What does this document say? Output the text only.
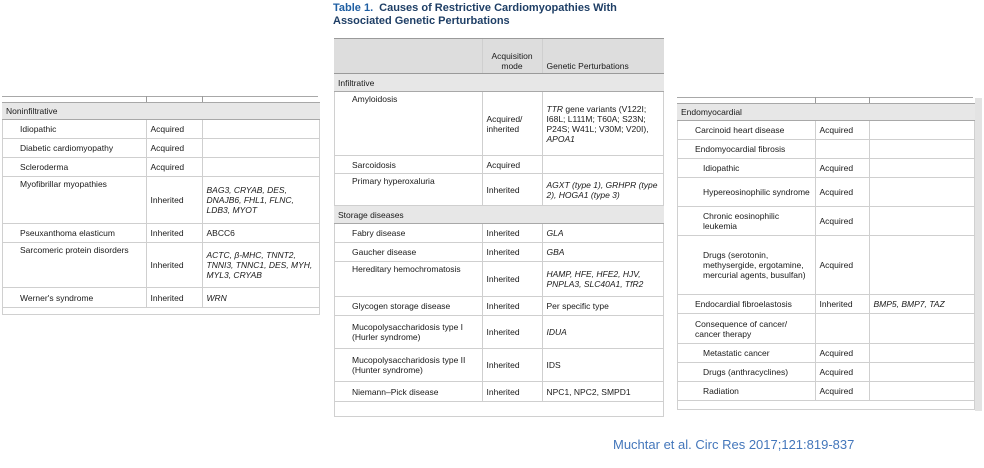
Table 1. Causes of Restrictive Cardiomyopathies With Associated Genetic Perturbations
Noninfiltrative		
Idiopathic	Acquired	
Diabetic cardiomyopathy	Acquired	
Scleroderma	Acquired	
Myofibrillar myopathies	Inherited	BAG3, CRYAB, DES, DNAJB6, FHL1, FLNC, LDB3, MYOT
Pseuxanthoma elasticum	Inherited	ABCC6
Sarcomeric protein disorders	Inherited	ACTC, β-MHC, TNNT2, TNNI3, TNNC1, DES, MYH, MYL3, CRYAB
Werner's syndrome	Inherited	WRN
	Acquisition mode	Genetic Perturbations
Infiltrative		
Amyloidosis	Acquired/ inherited	TTR gene variants (V122I; I68L; L111M; T60A; S23N; P24S; W41L; V30M; V20I), APOA1
Sarcoidosis	Acquired	
Primary hyperoxaluria	Inherited	AGXT (type 1), GRHPR (type 2), HOGA1 (type 3)
Storage diseases		
Fabry disease	Inherited	GLA
Gaucher disease	Inherited	GBA
Hereditary hemochromatosis	Inherited	HAMP, HFE, HFE2, HJV, PNPLA3, SLC40A1, TfR2
Glycogen storage disease	Inherited	Per specific type
Mucopolysaccharidosis type I (Hurler syndrome)	Inherited	IDUA
Mucopolysaccharidosis type II (Hunter syndrome)	Inherited	IDS
Niemann–Pick disease	Inherited	NPC1, NPC2, SMPD1
Endomyocardial		
Carcinoid heart disease	Acquired	
Endomyocardial fibrosis		
Idiopathic	Acquired	
Hypereosinophilic syndrome	Acquired	
Chronic eosinophilic leukemia	Acquired	
Drugs (serotonin, methysergide, ergotamine, mercurial agents, busulfan)	Acquired	
Endocardial fibroelastosis	Inherited	BMP5, BMP7, TAZ
Consequence of cancer/ cancer therapy		
Metastatic cancer	Acquired	
Drugs (anthracyclines)	Acquired	
Radiation	Acquired	
Muchtar et al. Circ Res 2017;121:819-837
